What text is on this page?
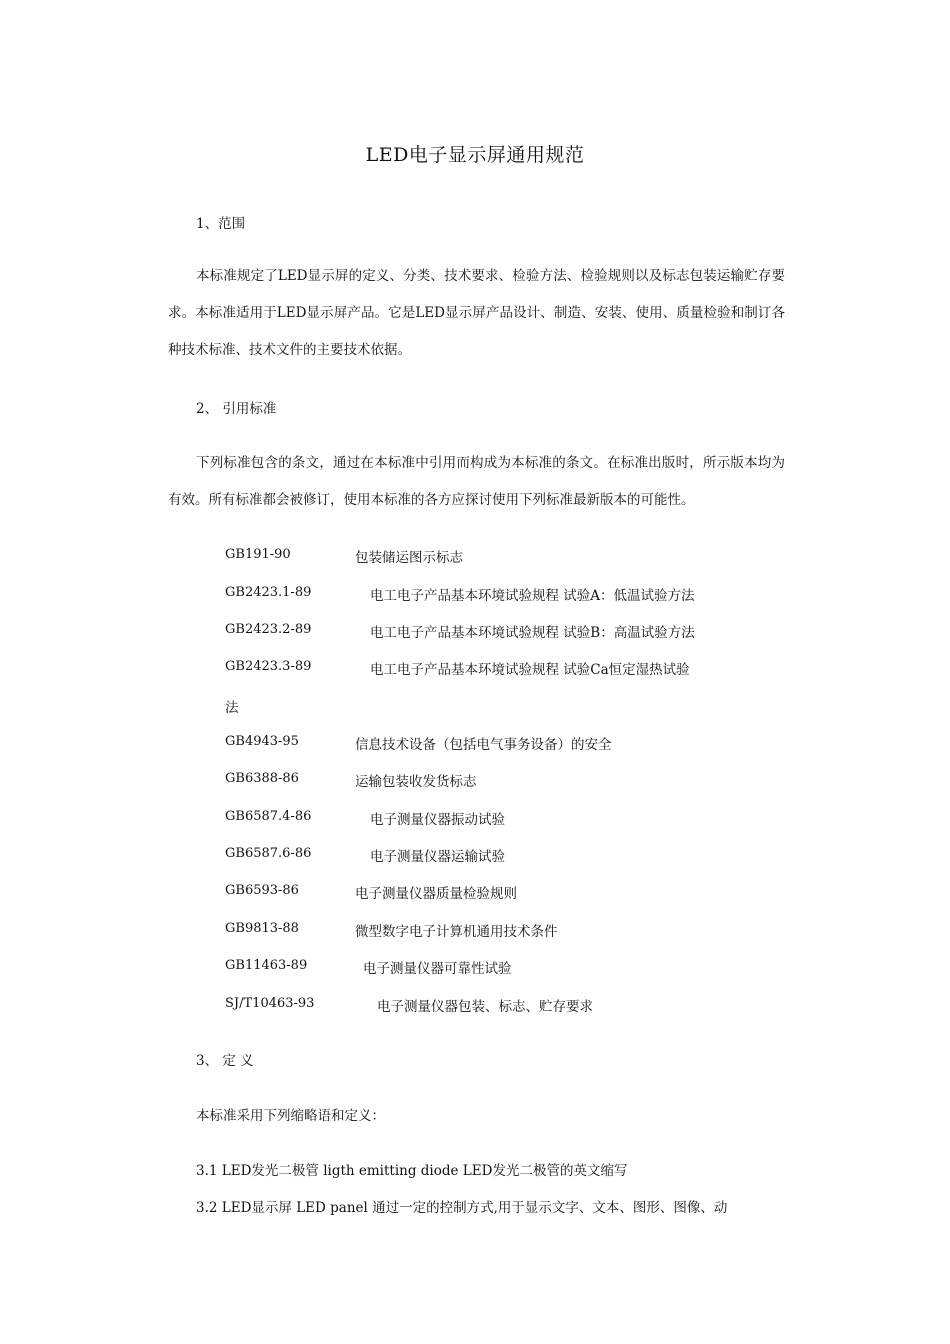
LED电子显示屏通用规范
1、范围
本标准规定了LED显示屏的定义、分类、技术要求、检验方法、检验规则以及标志包装运输贮存要求。本标准适用于LED显示屏产品。它是LED显示屏产品设计、制造、安装、使用、质量检验和制订各种技术标准、技术文件的主要技术依据。
2、 引用标准
下列标准包含的条文，通过在本标准中引用而构成为本标准的条文。在标准出版时，所示版本均为有效。所有标准都会被修订，使用本标准的各方应探讨使用下列标准最新版本的可能性。
GB191-90	包装储运图示标志
GB2423.1-89	电工电子产品基本环境试验规程 试验A：低温试验方法
GB2423.2-89	电工电子产品基本环境试验规程 试验B：高温试验方法
GB2423.3-89	电工电子产品基本环境试验规程 试验Ca恒定湿热试验
法
GB4943-95	信息技术设备（包括电气事务设备）的安全
GB6388-86	运输包装收发货标志
GB6587.4-86	电子测量仪器振动试验
GB6587.6-86	电子测量仪器运输试验
GB6593-86	电子测量仪器质量检验规则
GB9813-88	微型数字电子计算机通用技术条件
GB11463-89	电子测量仪器可靠性试验
SJ/T10463-93	电子测量仪器包装、标志、贮存要求
3、 定 义
本标准采用下列缩略语和定义：
3.1 LED发光二极管 ligth emitting diode LED发光二极管的英文缩写
3.2 LED显示屏 LED panel 通过一定的控制方式,用于显示文字、文本、图形、图像、动
